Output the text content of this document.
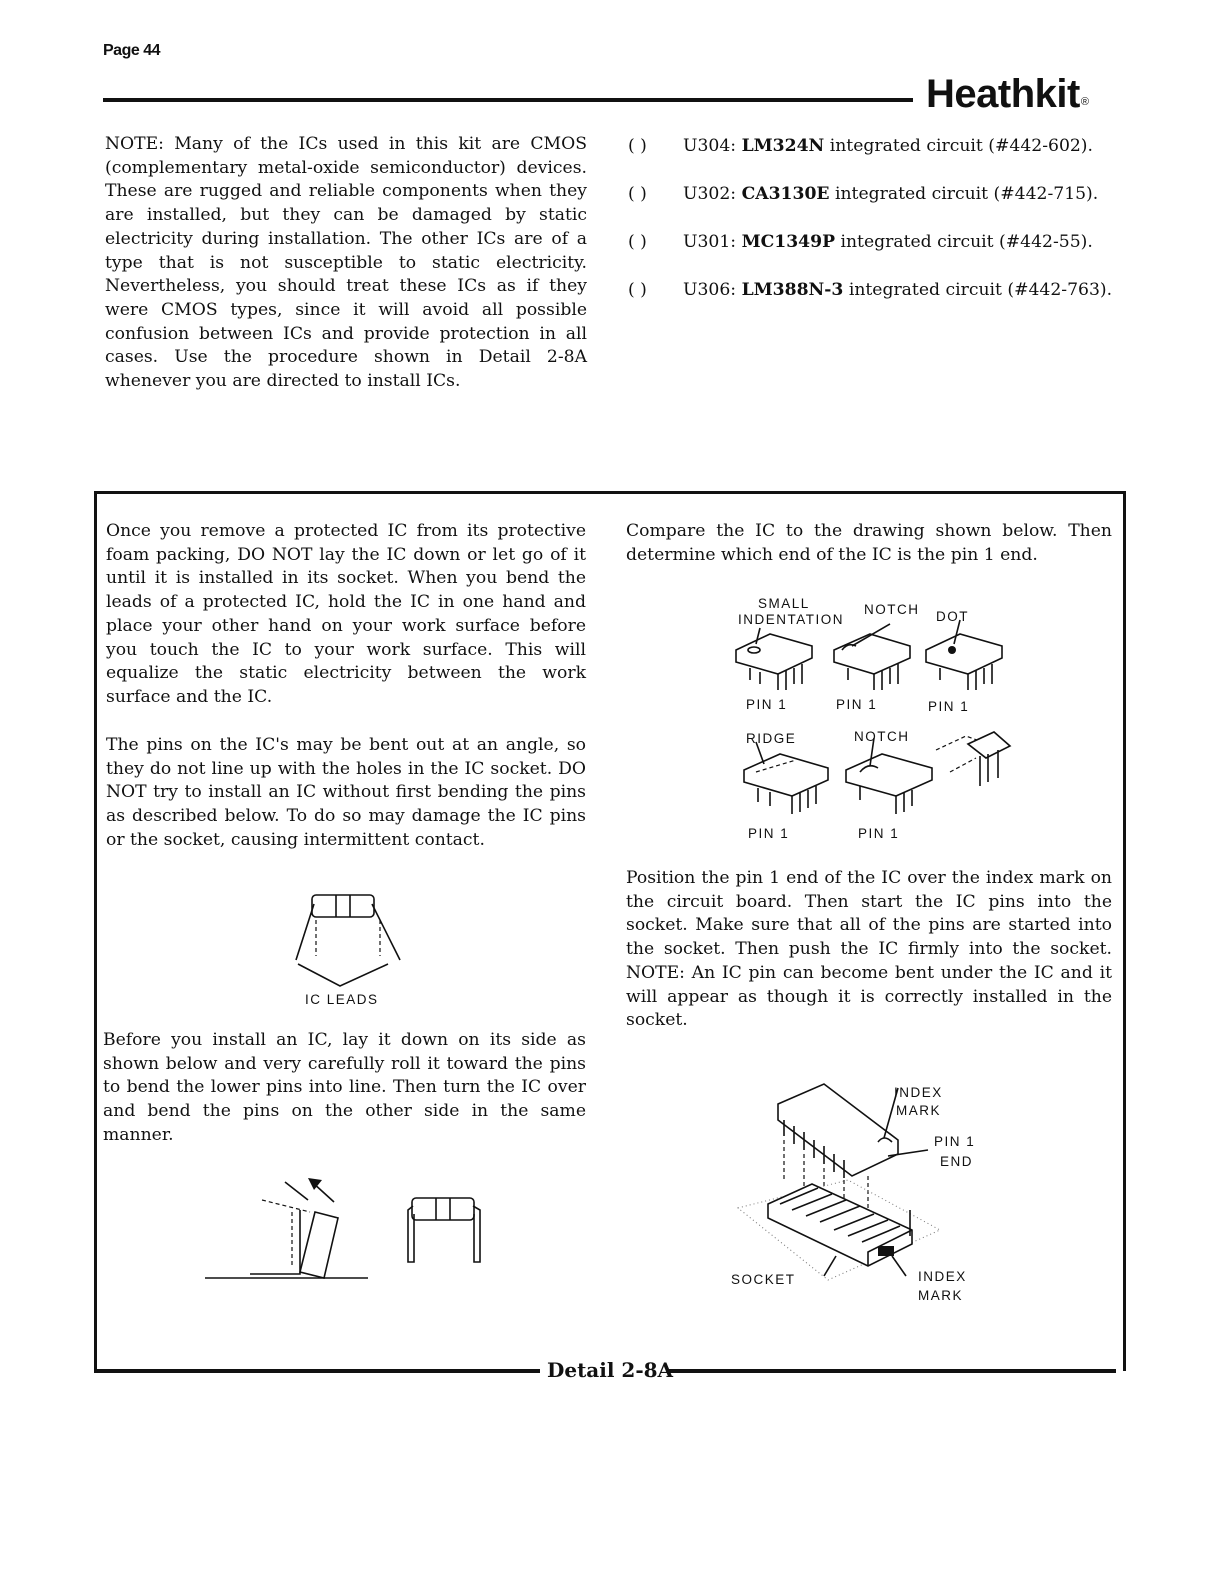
Page 44
Heathkit®

NOTE: Many of the ICs used in this kit are CMOS (complementary metal-oxide semiconductor) devices. These are rugged and reliable components when they are installed, but they can be damaged by static electricity during installation. The other ICs are of a type that is not susceptible to static electricity. Nevertheless, you should treat these ICs as if they were CMOS types, since it will avoid all possible confusion between ICs and provide protection in all cases. Use the procedure shown in Detail 2-8A whenever you are directed to install ICs.

( )	U304: LM324N integrated circuit (#442-602).
( )	U302: CA3130E integrated circuit (#442-715).
( )	U301: MC1349P integrated circuit (#442-55).
( )	U306: LM388N-3 integrated circuit (#442-763).
Detail 2-8A

Once you remove a protected IC from its protective foam packing, DO NOT lay the IC down or let go of it until it is installed in its socket. When you bend the leads of a protected IC, hold the IC in one hand and place your other hand on your work surface before you touch the IC to your work surface. This will equalize the static electricity between the work surface and the IC.

The pins on the IC's may be bent out at an angle, so they do not line up with the holes in the IC socket. DO NOT try to install an IC without first bending the pins as described below. To do so may damage the IC pins or the socket, causing intermittent contact.

IC LEADS

Before you install an IC, lay it down on its side as shown below and very carefully roll it toward the pins to bend the lower pins into line. Then turn the IC over and bend the pins on the other side in the same manner.

Compare the IC to the drawing shown below. Then determine which end of the IC is the pin 1 end.

SMALL
INDENTATION
NOTCH DOT
PIN 1	PIN 1	PIN 1
RIDGE	NOTCH
PIN 1	PIN 1

Position the pin 1 end of the IC over the index mark on the circuit board. Then start the IC pins into the socket. Make sure that all of the pins are started into the socket. Then push the IC firmly into the socket. NOTE: An IC pin can become bent under the IC and it will appear as though it is correctly installed in the socket.

INDEX
MARK
PIN 1
END
SOCKET	INDEX
MARK
